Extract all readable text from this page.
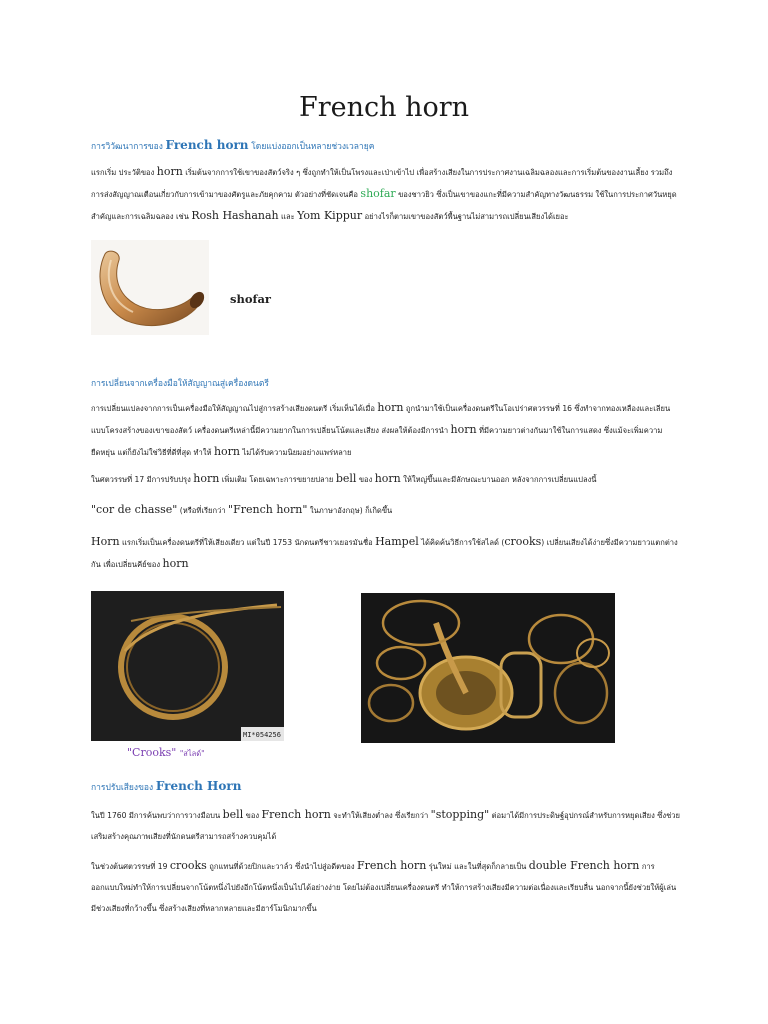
French horn
การวิวัฒนาการของ French horn โดยแบ่งออกเป็นหลายช่วงเวลายุค

แรกเริ่ม ประวัติของ horn เริ่มต้นจากการใช้เขาของสัตว์จริง ๆ ซึ่งถูกทำให้เป็นโพรงและเป่าเข้าไป เพื่อสร้างเสียงในการประกาศงานเฉลิมฉลองและการเริ่มต้นของงานเลี้ยง รวมถึงการส่งสัญญาณเตือนเกี่ยวกับการเข้ามาของศัตรูและภัยคุกคาม ตัวอย่างที่ชัดเจนคือ shofar ของชาวยิว ซึ่งเป็นเขาของแกะที่มีความสำคัญทางวัฒนธรรม ใช้ในการประกาศวันหยุดสำคัญและการเฉลิมฉลอง เช่น Rosh Hashanah และ Yom Kippur อย่างไรก็ตามเขาของสัตว์พื้นฐานไม่สามารถเปลี่ยนเสียงได้เยอะ

shofar
การเปลี่ยนจากเครื่องมือให้สัญญาณสู่เครื่องดนตรี

การเปลี่ยนแปลงจากการเป็นเครื่องมือให้สัญญาณไปสู่การสร้างเสียงดนตรี เริ่มเห็นได้เมื่อ horn ถูกนำมาใช้เป็นเครื่องดนตรีในโอเปร่าศตวรรษที่ 16 ซึ่งทำจากทองเหลืองและเลียนแบบโครงสร้างของเขาของสัตว์ เครื่องดนตรีเหล่านี้มีความยากในการเปลี่ยนโน้ตและเสียง ส่งผลให้ต้องมีการนำ horn ที่มีความยาวต่างกันมาใช้ในการแสดง ซึ่งแม้จะเพิ่มความยืดหยุ่น แต่ก็ยังไม่ใช่วิธีที่ดีที่สุด ทำให้ horn ไม่ได้รับความนิยมอย่างแพร่หลาย

ในศตวรรษที่ 17 มีการปรับปรุง horn เพิ่มเติม โดยเฉพาะการขยายปลาย bell ของ horn ให้ใหญ่ขึ้นและมีลักษณะบานออก หลังจากการเปลี่ยนแปลงนี้

"cor de chasse" (หรือที่เรียกว่า "French horn" ในภาษาอังกฤษ) ก็เกิดขึ้น

Horn แรกเริ่มเป็นเครื่องดนตรีที่ให้เสียงเดียว แต่ในปี 1753 นักดนตรีชาวเยอรมันชื่อ Hampel ได้คิดค้นวิธีการใช้สไลด์ (crooks) เปลี่ยนเสียงได้ง่ายซึ่งมีความยาวแตกต่างกัน เพื่อเปลี่ยนคีย์ของ horn

MI*054256
"Crooks" "สไลด์"
การปรับเสียงของ French Horn

ในปี 1760 มีการค้นพบว่าการวางมือบน bell ของ French horn จะทำให้เสียงต่ำลง ซึ่งเรียกว่า "stopping" ต่อมาได้มีการประดิษฐ์อุปกรณ์สำหรับการหยุดเสียง ซึ่งช่วยเสริมสร้างคุณภาพเสียงที่นักดนตรีสามารถสร้างควบคุมได้

ในช่วงต้นศตวรรษที่ 19 crooks ถูกแทนที่ด้วยปิกและวาล์ว ซึ่งนำไปสู่อดีตของ French horn รุ่นใหม่ และในที่สุดก็กลายเป็น double French horn การออกแบบใหม่ทำให้การเปลี่ยนจากโน้ตหนึ่งไปยังอีกโน้ตหนึ่งเป็นไปได้อย่างง่าย โดยไม่ต้องเปลี่ยนเครื่องดนตรี ทำให้การสร้างเสียงมีความต่อเนื่องและเรียบลื่น นอกจากนี้ยังช่วยให้ผู้เล่นมีช่วงเสียงที่กว้างขึ้น ซึ่งสร้างเสียงที่หลากหลายและมีฮาร์โมนิกมากขึ้น
